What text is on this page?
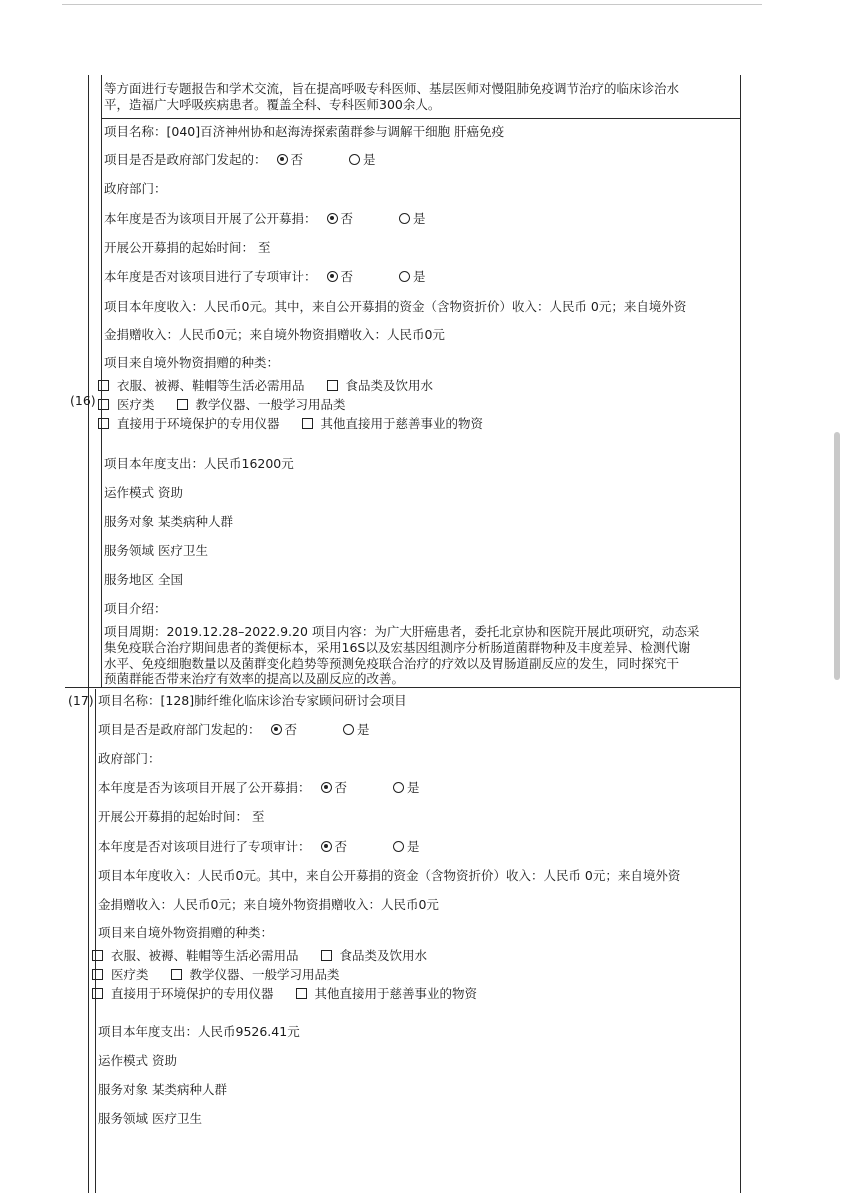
等方面进行专题报告和学术交流，旨在提高呼吸专科医师、基层医师对慢阻肺免疫调节治疗的临床诊治水
平，造福广大呼吸疾病患者。覆盖全科、专科医师300余人。
(16)
项目名称：[040]百济神州协和赵海涛探索菌群参与调解干细胞 肝癌免疫
项目是否是政府部门发起的： 否	是
政府部门：
本年度是否为该项目开展了公开募捐： 否	是
开展公开募捐的起始时间： 至
本年度是否对该项目进行了专项审计： 否	是
项目本年度收入：人民币0元。其中，来自公开募捐的资金（含物资折价）收入：人民币 0元；来自境外资
金捐赠收入：人民币0元；来自境外物资捐赠收入：人民币0元
项目来自境外物资捐赠的种类：
衣服、被褥、鞋帽等生活必需用品	食品类及饮用水
医疗类	教学仪器、一般学习用品类
直接用于环境保护的专用仪器	其他直接用于慈善事业的物资
项目本年度支出：人民币16200元
运作模式 资助
服务对象 某类病种人群
服务领域 医疗卫生
服务地区 全国
项目介绍：
项目周期：2019.12.28–2022.9.20 项目内容：为广大肝癌患者，委托北京协和医院开展此项研究，动态采
集免疫联合治疗期间患者的粪便标本，采用16S以及宏基因组测序分析肠道菌群物种及丰度差异、检测代谢
水平、免疫细胞数量以及菌群变化趋势等预测免疫联合治疗的疗效以及胃肠道副反应的发生，同时探究干
预菌群能否带来治疗有效率的提高以及副反应的改善。
(17) 项目名称：[128]肺纤维化临床诊治专家顾问研讨会项目
项目是否是政府部门发起的： 否	是
政府部门：
本年度是否为该项目开展了公开募捐： 否	是
开展公开募捐的起始时间： 至
本年度是否对该项目进行了专项审计： 否	是
项目本年度收入：人民币0元。其中，来自公开募捐的资金（含物资折价）收入：人民币 0元；来自境外资
金捐赠收入：人民币0元；来自境外物资捐赠收入：人民币0元
项目来自境外物资捐赠的种类：
衣服、被褥、鞋帽等生活必需用品	食品类及饮用水
医疗类	教学仪器、一般学习用品类
直接用于环境保护的专用仪器	其他直接用于慈善事业的物资
项目本年度支出：人民币9526.41元
运作模式 资助
服务对象 某类病种人群
服务领域 医疗卫生
